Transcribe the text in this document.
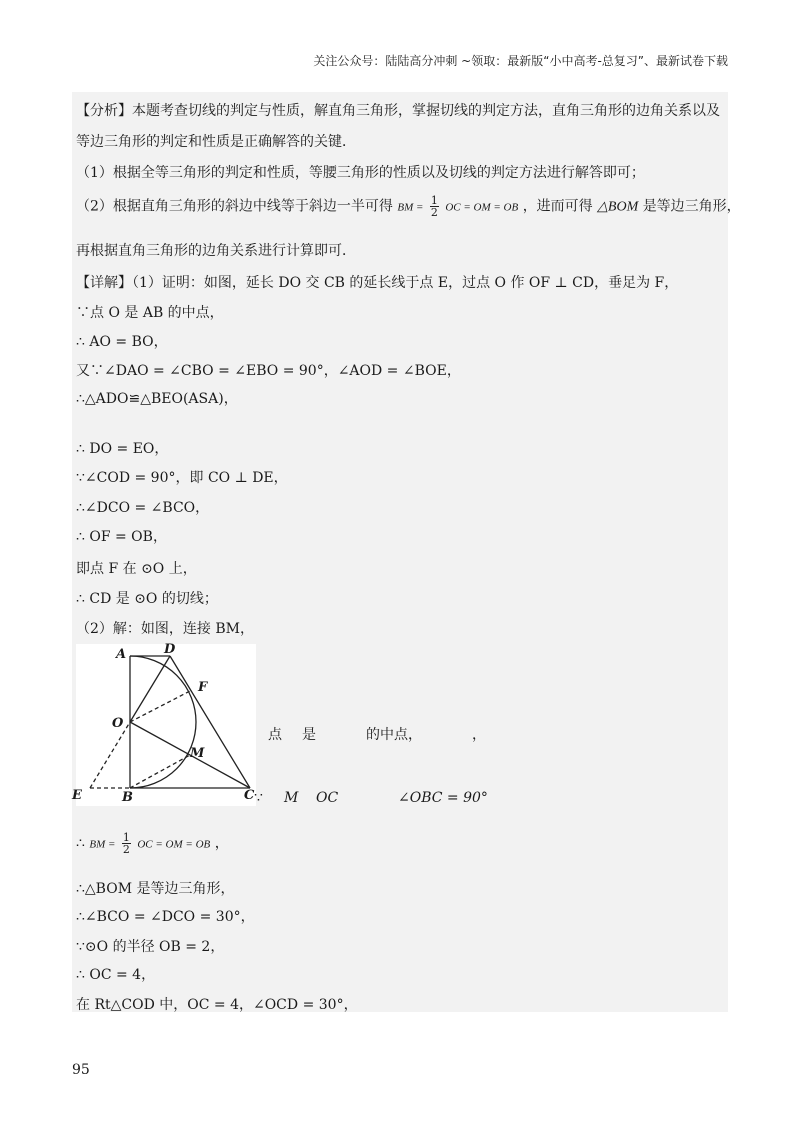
关注公众号：陆陆高分冲刺 ~领取：最新版“小中高考-总复习”、最新试卷下载
【分析】本题考查切线的判定与性质，解直角三角形，掌握切线的判定方法，直角三角形的边角关系以及
等边三角形的判定和性质是正确解答的关键．
（1）根据全等三角形的判定和性质，等腰三角形的性质以及切线的判定方法进行解答即可；
（2）根据直角三角形的斜边中线等于斜边一半可得 BM = $\frac{1}{2}$ OC = OM = OB ，进而可得 △BOM 是等边三角形，
再根据直角三角形的边角关系进行计算即可．
【详解】（1）证明：如图，延长 DO 交 CB 的延长线于点 E，过点 O 作 OF ⊥ CD，垂足为 F，
∵点 O 是 AB 的中点，
∴ AO = BO，
又∵∠DAO = ∠CBO = ∠EBO = 90°，∠AOD = ∠BOE，
∴△ADO≌△BEO(ASA)，
∴ DO = EO，
∵∠COD = 90°，即 CO ⊥ DE，
∴∠DCO = ∠BCO，
∴ OF = OB，
即点 F 在 ⊙O 上，
∴ CD 是 ⊙O 的切线；
（2）解：如图，连接 BM，
A	D
F
O
M
E	B	C
点 是	的中点，	，
∵ M OC	∠OBC = 90°
∴ BM = $\frac{1}{2}$ OC = OM = OB ，
∴△BOM 是等边三角形，
∴∠BCO = ∠DCO = 30°，
∵⊙O 的半径 OB = 2，
∴ OC = 4，
在 Rt△COD 中，OC = 4，∠OCD = 30°，
95
